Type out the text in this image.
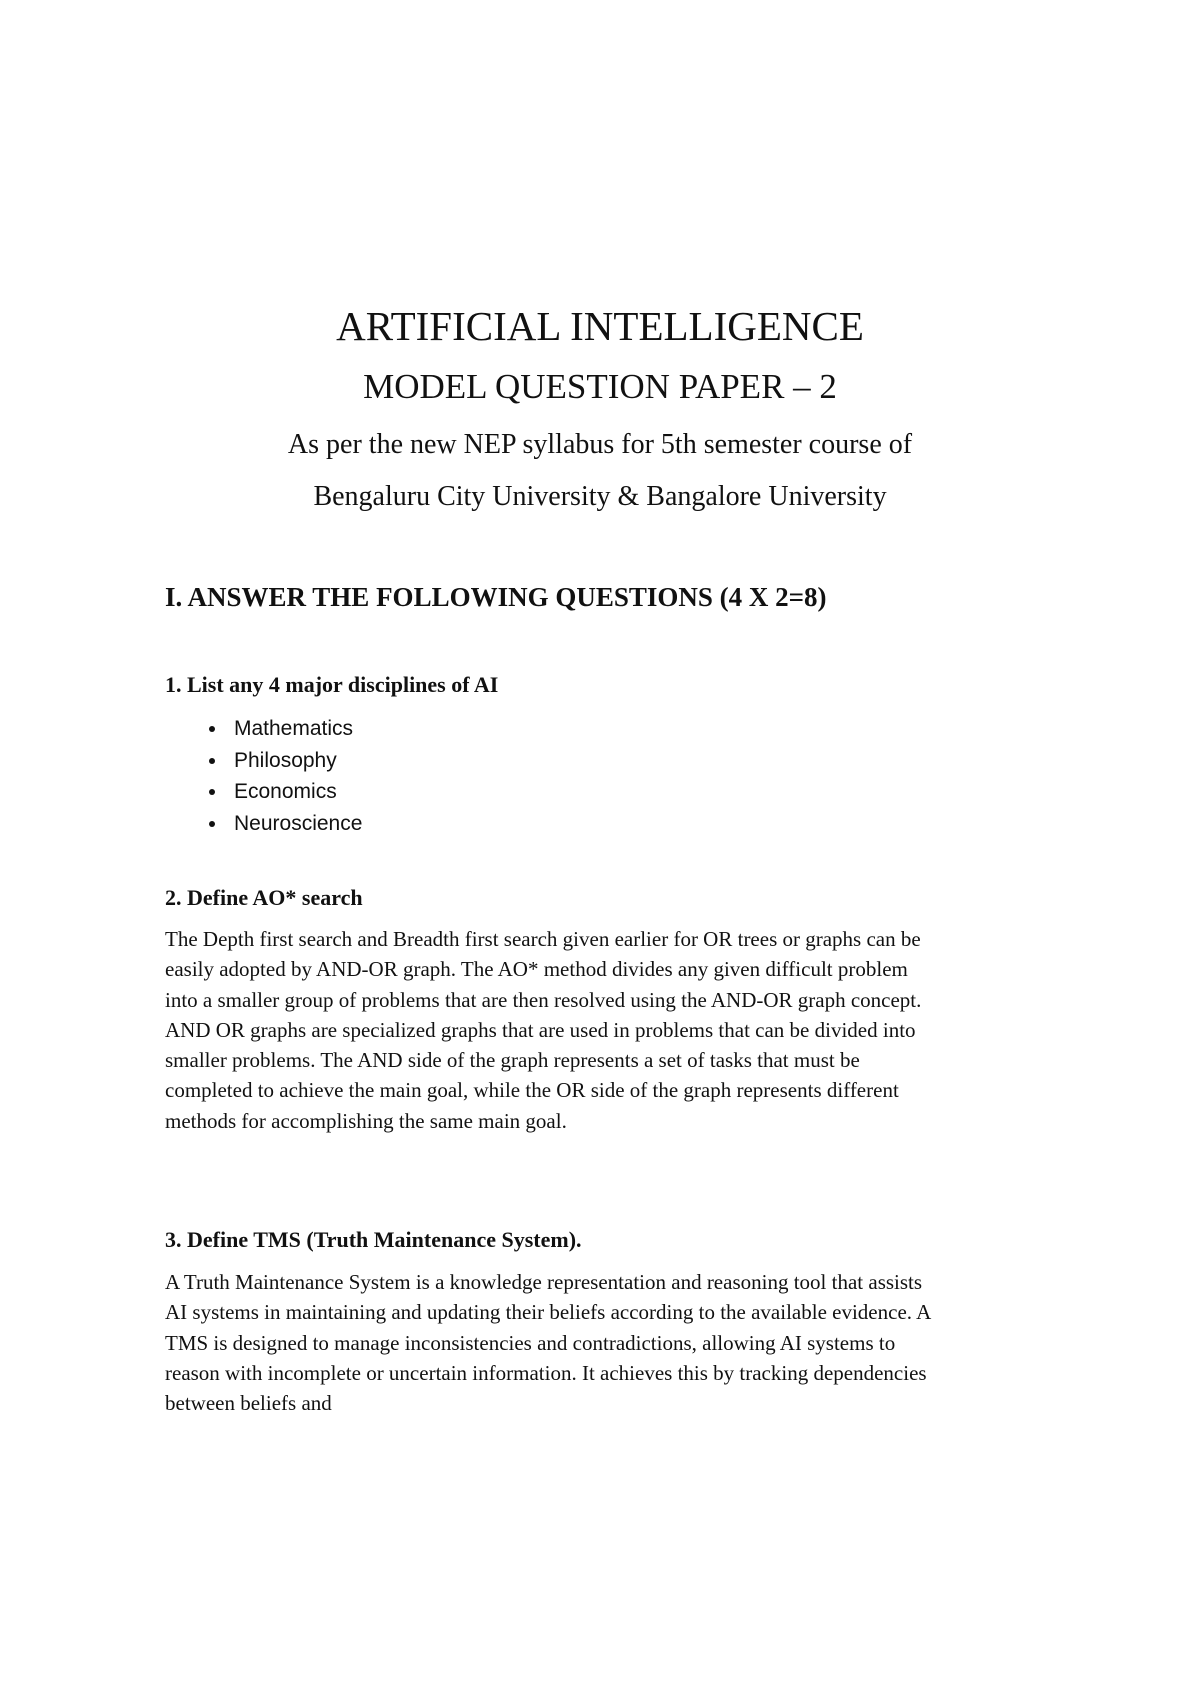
ARTIFICIAL INTELLIGENCE
MODEL QUESTION PAPER – 2
As per the new NEP syllabus for 5th semester course of
Bengaluru City University & Bangalore University
I. ANSWER THE FOLLOWING QUESTIONS (4 X 2=8)
1. List any 4 major disciplines of AI
• Mathematics
• Philosophy
• Economics
• Neuroscience
2. Define AO* search

The Depth first search and Breadth first search given earlier for OR trees or graphs can be easily adopted by AND-OR graph. The AO* method divides any given difficult problem into a smaller group of problems that are then resolved using the AND-OR graph concept. AND OR graphs are specialized graphs that are used in problems that can be divided into smaller problems. The AND side of the graph represents a set of tasks that must be completed to achieve the main goal, while the OR side of the graph represents different methods for accomplishing the same main goal.

3. Define TMS (Truth Maintenance System).

A Truth Maintenance System is a knowledge representation and reasoning tool that assists AI systems in maintaining and updating their beliefs according to the available evidence. A TMS is designed to manage inconsistencies and contradictions, allowing AI systems to reason with incomplete or uncertain information. It achieves this by tracking dependencies between beliefs and
